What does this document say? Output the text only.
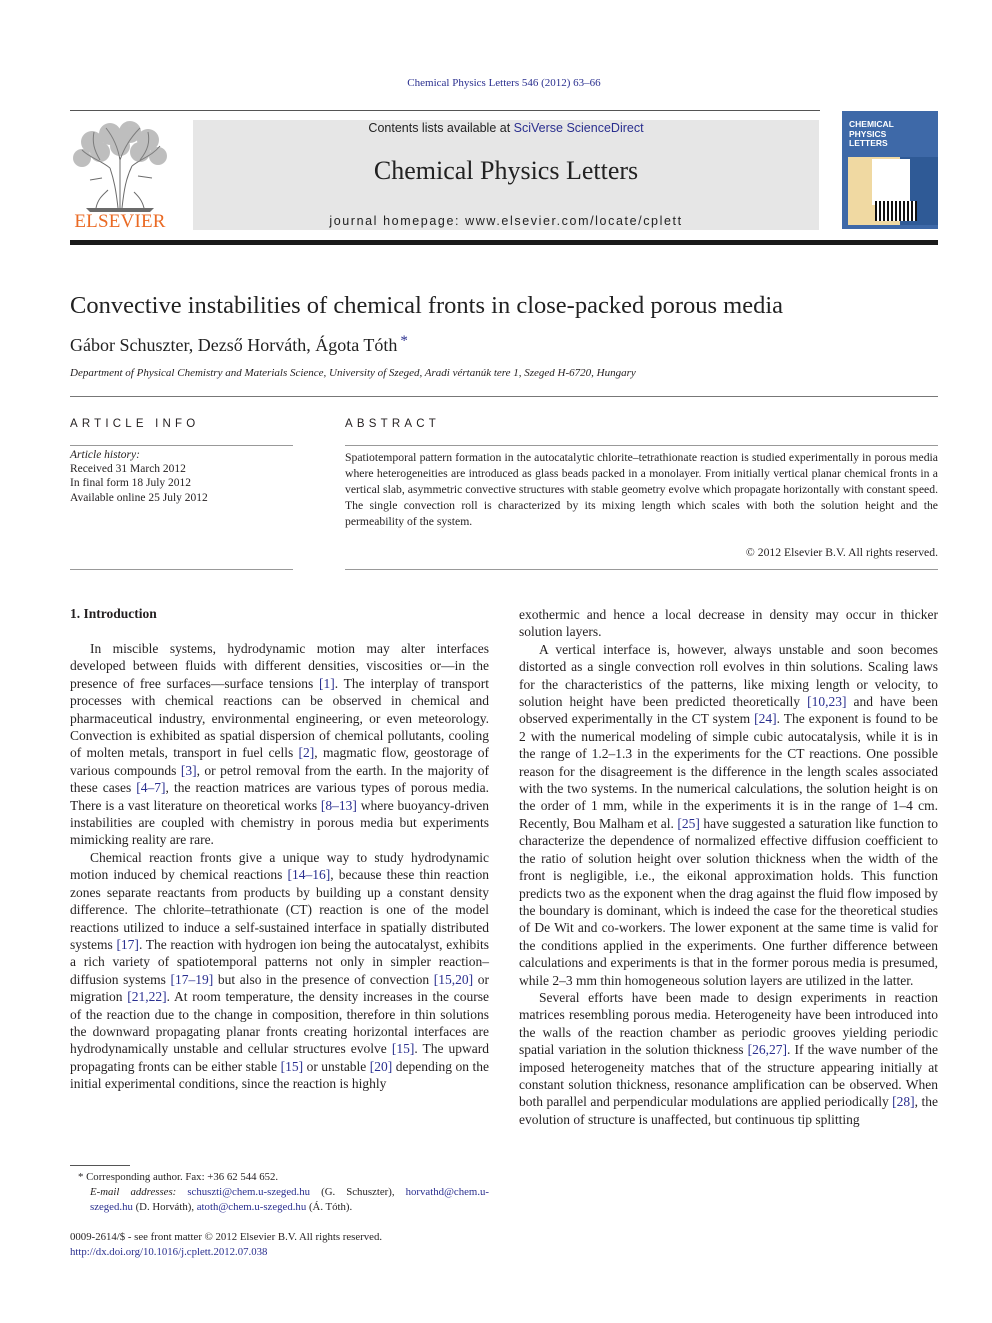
Chemical Physics Letters 546 (2012) 63–66
ELSEVIER
Contents lists available at SciVerse ScienceDirect
Chemical Physics Letters
journal homepage: www.elsevier.com/locate/cplett
CHEMICAL
PHYSICS
LETTERS
Convective instabilities of chemical fronts in close-packed porous media
Gábor Schuszter, Dezső Horváth, Ágota Tóth *
Department of Physical Chemistry and Materials Science, University of Szeged, Aradi vértanúk tere 1, Szeged H-6720, Hungary
ARTICLE INFO	ABSTRACT
Article history:
Received 31 March 2012
In final form 18 July 2012
Available online 25 July 2012
Spatiotemporal pattern formation in the autocatalytic chlorite–tetrathionate reaction is studied experimentally in porous media where heterogeneities are introduced as glass beads packed in a monolayer. From initially vertical planar chemical fronts in a vertical slab, asymmetric convective structures with stable geometry evolve which propagate horizontally with constant speed. The single convection roll is characterized by its mixing length which scales with both the solution height and the permeability of the system.
© 2012 Elsevier B.V. All rights reserved.
1. Introduction

In miscible systems, hydrodynamic motion may alter interfaces developed between fluids with different densities, viscosities or—in the presence of free surfaces—surface tensions [1]. The interplay of transport processes with chemical reactions can be observed in chemical and pharmaceutical industry, environmental engineering, or even meteorology. Convection is exhibited as spatial dispersion of chemical pollutants, cooling of molten metals, transport in fuel cells [2], magmatic flow, geostorage of various compounds [3], or petrol removal from the earth. In the majority of these cases [4–7], the reaction matrices are various types of porous media. There is a vast literature on theoretical works [8–13] where buoyancy-driven instabilities are coupled with chemistry in porous media but experiments mimicking reality are rare.

Chemical reaction fronts give a unique way to study hydrodynamic motion induced by chemical reactions [14–16], because these thin reaction zones separate reactants from products by building up a constant density difference. The chlorite–tetrathionate (CT) reaction is one of the model reactions utilized to induce a self-sustained interface in spatially distributed systems [17]. The reaction with hydrogen ion being the autocatalyst, exhibits a rich variety of spatiotemporal patterns not only in simpler reaction–diffusion systems [17–19] but also in the presence of convection [15,20] or migration [21,22]. At room temperature, the density increases in the course of the reaction due to the change in composition, therefore in thin solutions the downward propagating planar fronts creating horizontal interfaces are hydrodynamically unstable and cellular structures evolve [15]. The upward propagating fronts can be either stable [15] or unstable [20] depending on the initial experimental conditions, since the reaction is highly

exothermic and hence a local decrease in density may occur in thicker solution layers.

A vertical interface is, however, always unstable and soon becomes distorted as a single convection roll evolves in thin solutions. Scaling laws for the characteristics of the patterns, like mixing length or velocity, to solution height have been predicted theoretically [10,23] and have been observed experimentally in the CT system [24]. The exponent is found to be 2 with the numerical modeling of simple cubic autocatalysis, while it is in the range of 1.2–1.3 in the experiments for the CT reactions. One possible reason for the disagreement is the difference in the length scales associated with the two systems. In the numerical calculations, the solution height is on the order of 1 mm, while in the experiments it is in the range of 1–4 cm. Recently, Bou Malham et al. [25] have suggested a saturation like function to characterize the dependence of normalized effective diffusion coefficient to the ratio of solution height over solution thickness when the width of the front is negligible, i.e., the eikonal approximation holds. This function predicts two as the exponent when the drag against the fluid flow imposed by the boundary is dominant, which is indeed the case for the theoretical studies of De Wit and co-workers. The lower exponent at the same time is valid for the conditions applied in the experiments. One further difference between calculations and experiments is that in the former porous media is presumed, while 2–3 mm thin homogeneous solution layers are utilized in the latter.

Several efforts have been made to design experiments in reaction matrices resembling porous media. Heterogeneity have been introduced into the walls of the reaction chamber as periodic grooves yielding periodic spatial variation in the solution thickness [26,27]. If the wave number of the imposed heterogeneity matches that of the structure appearing initially at constant solution thickness, resonance amplification can be observed. When both parallel and perpendicular modulations are applied periodically [28], the evolution of structure is unaffected, but continuous tip splitting

* Corresponding author. Fax: +36 62 544 652.
E-mail addresses: schuszti@chem.u-szeged.hu (G. Schuszter), horvathd@chem.u-szeged.hu (D. Horváth), atoth@chem.u-szeged.hu (Á. Tóth).
0009-2614/$ - see front matter © 2012 Elsevier B.V. All rights reserved.
http://dx.doi.org/10.1016/j.cplett.2012.07.038
